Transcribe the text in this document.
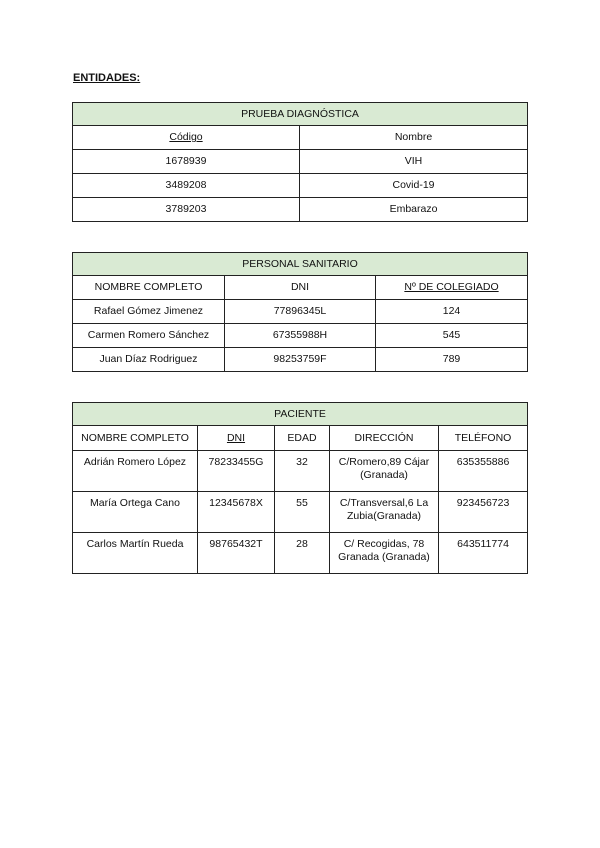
ENTIDADES:
PRUEBA DIAGNÓSTICA	
Código	Nombre
1678939	VIH
3489208	Covid-19
3789203	Embarazo
PERSONAL SANITARIO		
NOMBRE COMPLETO	DNI	Nº DE COLEGIADO
Rafael Gómez Jimenez	77896345L	124
Carmen Romero Sánchez	67355988H	545
Juan Díaz Rodriguez	98253759F	789
PACIENTE				
NOMBRE COMPLETO	DNI	EDAD	DIRECCIÓN	TELÉFONO
Adrián Romero López	78233455G	32	C/Romero,89 Cájar (Granada)	635355886
María Ortega Cano	12345678X	55	C/Transversal,6 La Zubia(Granada)	923456723
Carlos Martín Rueda	98765432T	28	C/ Recogidas, 78 Granada (Granada)	643511774
